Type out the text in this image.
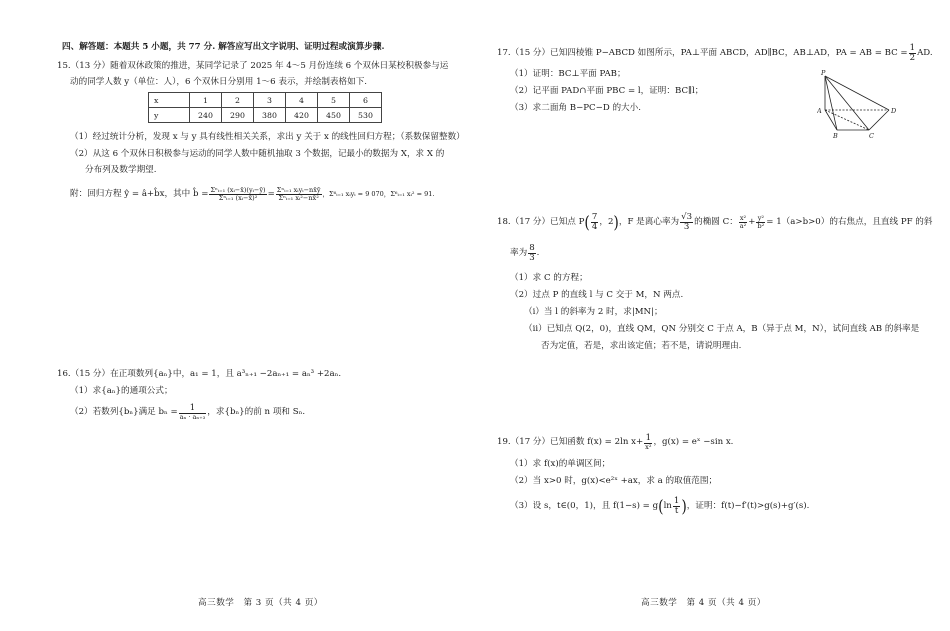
四、解答题：本题共 5 小题，共 77 分. 解答应写出文字说明、证明过程或演算步骤.
15.（13 分）随着双休政策的推进，某同学记录了 2025 年 4～5 月份连续 6 个双休日某校积极参与运
动的同学人数 y（单位：人），6 个双休日分别用 1～6 表示，并绘制表格如下.
x	1	2	3	4	5	6
y	240	290	380	420	450	530
（1）经过统计分析，发现 x 与 y 具有线性相关关系，求出 y 关于 x 的线性回归方程；（系数保留整数）
（2）从这 6 个双休日积极参与运动的同学人数中随机抽取 3 个数据，记最小的数据为 X，求 X 的
分布列及数学期望.
附：回归方程 ŷ = â+b̂x，其中 b̂ = $\frac{\text{Σⁿᵢ₌₁ (xᵢ−x̄)(yᵢ−ȳ)}}{\text{Σⁿᵢ₌₁ (xᵢ−x̄)²}} = \frac{\text{Σⁿᵢ₌₁ xᵢyᵢ−nx̄ȳ}}{\text{Σⁿᵢ₌₁ xᵢ²−nx̄²}}$ ，Σ⁶ᵢ₌₁ xᵢyᵢ = 9 070， Σ⁶ᵢ₌₁ xᵢ² = 91.
16.（15 分）在正项数列{aₙ}中，a₁ = 1，且 a³ₙ₊₁ −2aₙ₊₁ = aₙ³ +2aₙ.
（1）求{aₙ}的通项公式；
（2）若数列{bₙ}满足 $b_n = \frac{1}{\text{aₙ · aₙ₊₃}}$ ，求{bₙ}的前 n 项和 Sₙ.
高三数学　第 3 页（共 4 页）
17.（15 分）已知四棱锥 P−ABCD 如图所示，PA⊥平面 ABCD，AD∥BC，AB⊥AD，PA = AB = BC = $\frac{1}{2}$ AD.
（1）证明：BC⊥平面 PAB；
（2）记平面 PAD∩平面 PBC = l，证明：BC∥l；
（3）求二面角 B−PC−D 的大小.
P
A
B	C
D
18.（17 分）已知点 P ( $\frac{7}{4}$ ，2 ) ，F 是离心率为 $\frac{√3}{3}$ 的椭圆 C： $\frac{\text{x²}}{\text{a²}} + \frac{\text{y²}}{\text{b²}} = 1(a>b>0)$的右焦点，且直线 PF 的斜
率为 $\frac{8}{3}$ .
（1）求 C 的方程；
（2）过点 P 的直线 l 与 C 交于 M，N 两点.
（i）当 l 的斜率为 2 时，求|MN|；
（ii）已知点 Q(2，0)，直线 QM，QN 分别交 C 于点 A，B（异于点 M，N），试问直线 AB 的斜率是
否为定值，若是，求出该定值；若不是，请说明理由.
19.（17 分）已知函数 f(x) = 2ln $x+ \frac{1}{\text{x²}}$ ，g(x) = eˣ −sin x.
（1）求 f(x)的单调区间；
（2）当 x>0 时，g(x)<e²ˣ +ax，求 a 的取值范围；
（3）设 s，t∈(0，1)，且 f(1−s) = g ( $\ln \frac{1}{t}$ ) ，证明：f(t)−f′(t)>g(s)+g′(s).
高三数学　第 4 页（共 4 页）
